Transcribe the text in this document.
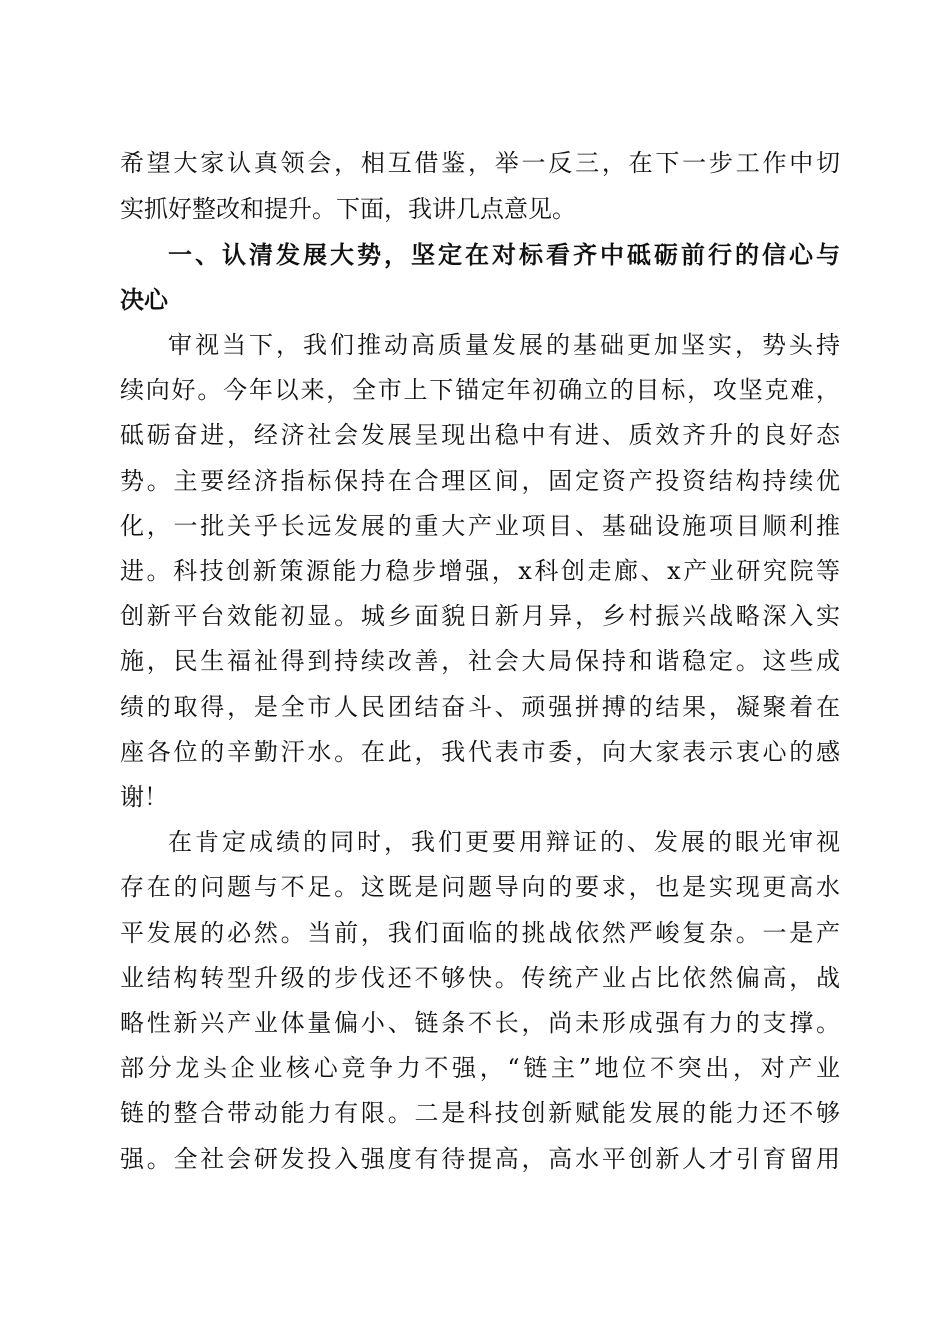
希望大家认真领会，相互借鉴，举一反三，在下一步工作中切
实抓好整改和提升。下面，我讲几点意见。
一、认清发展大势，坚定在对标看齐中砥砺前行的信心与
决心
审视当下，我们推动高质量发展的基础更加坚实，势头持
续向好。今年以来，全市上下锚定年初确立的目标，攻坚克难，
砥砺奋进，经济社会发展呈现出稳中有进、质效齐升的良好态
势。主要经济指标保持在合理区间，固定资产投资结构持续优
化，一批关乎长远发展的重大产业项目、基础设施项目顺利推
进。科技创新策源能力稳步增强，x科创走廊、x产业研究院等
创新平台效能初显。城乡面貌日新月异，乡村振兴战略深入实
施，民生福祉得到持续改善，社会大局保持和谐稳定。这些成
绩的取得，是全市人民团结奋斗、顽强拼搏的结果，凝聚着在
座各位的辛勤汗水。在此，我代表市委，向大家表示衷心的感
谢！
在肯定成绩的同时，我们更要用辩证的、发展的眼光审视
存在的问题与不足。这既是问题导向的要求，也是实现更高水
平发展的必然。当前，我们面临的挑战依然严峻复杂。一是产
业结构转型升级的步伐还不够快。传统产业占比依然偏高，战
略性新兴产业体量偏小、链条不长，尚未形成强有力的支撑。
部分龙头企业核心竞争力不强，“链主”地位不突出，对产业
链的整合带动能力有限。二是科技创新赋能发展的能力还不够
强。全社会研发投入强度有待提高，高水平创新人才引育留用
